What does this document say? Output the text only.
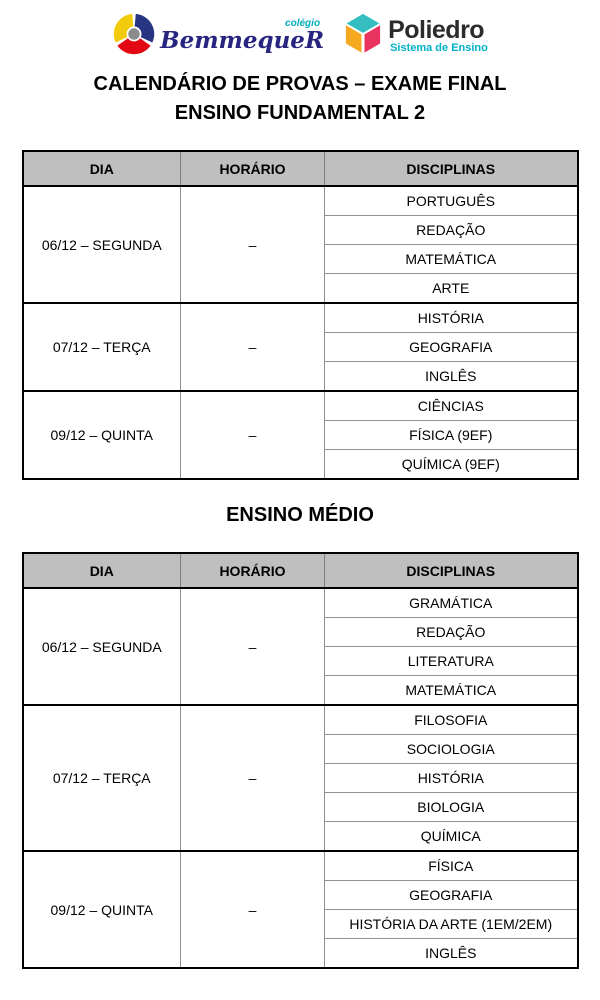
colégio
BemmequeR	Poliedro
Sistema de Ensino
CALENDÁRIO DE PROVAS – EXAME FINAL
ENSINO FUNDAMENTAL 2
DIA	HORÁRIO	DISCIPLINAS
06/12 – SEGUNDA	–	PORTUGUÊS
		REDAÇÃO
		MATEMÁTICA
		ARTE
07/12 – TERÇA	–	HISTÓRIA
		GEOGRAFIA
		INGLÊS
09/12 – QUINTA	–	CIÊNCIAS
		FÍSICA (9EF)
		QUÍMICA (9EF)
ENSINO MÉDIO
DIA	HORÁRIO	DISCIPLINAS
06/12 – SEGUNDA	–	GRAMÁTICA
		REDAÇÃO
		LITERATURA
		MATEMÁTICA
07/12 – TERÇA	–	FILOSOFIA
		SOCIOLOGIA
		HISTÓRIA
		BIOLOGIA
		QUÍMICA
09/12 – QUINTA	–	FÍSICA
		GEOGRAFIA
		HISTÓRIA DA ARTE (1EM/2EM)
		INGLÊS
